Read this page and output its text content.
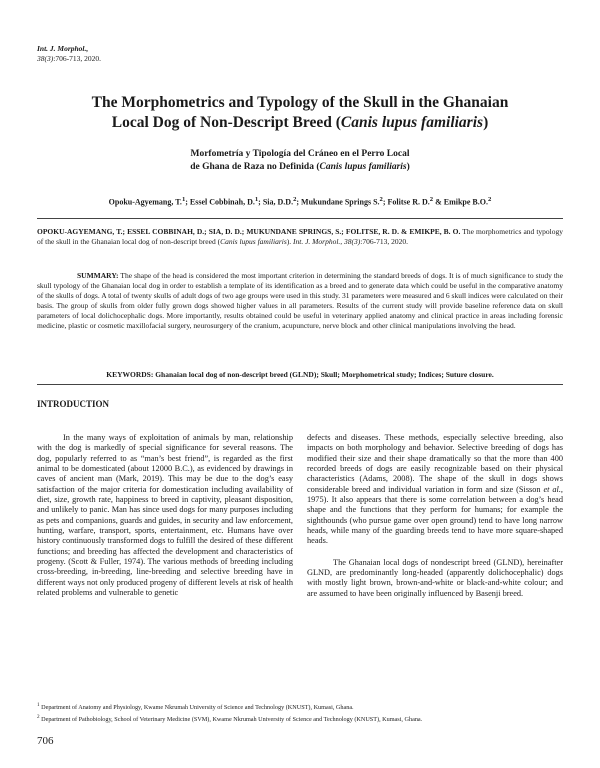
Int. J. Morphol.,
38(3):706-713, 2020.
The Morphometrics and Typology of the Skull in the Ghanaian
Local Dog of Non-Descript Breed (Canis lupus familiaris)
Morfometría y Tipología del Cráneo en el Perro Local
de Ghana de Raza no Definida (Canis lupus familiaris)
Opoku-Agyemang, T.$^1$; Essel Cobbinah, D.$^1$; Sia, D.D.$^2$; Mukundane Springs S.$^2$; Folitse R. D.$^2$ & Emikpe B.O.$^2$
OPOKU-AGYEMANG, T.; ESSEL COBBINAH, D.; SIA, D. D.; MUKUNDANE SPRINGS, S.; FOLITSE, R. D. & EMIKPE, B. O. The morphometrics and typology of the skull in the Ghanaian local dog of non-descript breed (Canis lupus familiaris). Int. J. Morphol., 38(3):706-713, 2020.
SUMMARY: The shape of the head is considered the most important criterion in determining the standard breeds of dogs. It is of much significance to study the skull typology of the Ghanaian local dog in order to establish a template of its identification as a breed and to generate data which could be useful in the comparative anatomy of the skulls of dogs. A total of twenty skulls of adult dogs of two age groups were used in this study. 31 parameters were measured and 6 skull indices were calculated on their basis. The group of skulls from older fully grown dogs showed higher values in all parameters. Results of the current study will provide baseline reference data on skull parameters of local dolichocephalic dogs. More importantly, results obtained could be useful in veterinary applied anatomy and clinical practice in areas including forensic medicine, plastic or cosmetic maxillofacial surgery, neurosurgery of the cranium, acupuncture, nerve block and other clinical manipulations involving the head.
KEYWORDS: Ghanaian local dog of non-descript breed (GLND); Skull; Morphometrical study; Indices; Suture closure.
INTRODUCTION

In the many ways of exploitation of animals by man, relationship with the dog is markedly of special significance for several reasons. The dog, popularly referred to as “man’s best friend”, is regarded as the first animal to be domesticated (about 12000 B.C.), as evidenced by drawings in caves of ancient man (Mark, 2019). This may be due to the dog’s easy satisfaction of the major criteria for domestication including availability of diet, size, growth rate, happiness to breed in captivity, pleasant disposition, and unlikely to panic. Man has since used dogs for many purposes including as pets and companions, guards and guides, in security and law enforcement, hunting, warfare, transport, sports, entertainment, etc. Humans have over history continuously transformed dogs to fulfill the desired of these different functions; and breeding has affected the development and characteristics of progeny. (Scott & Fuller, 1974). The various methods of breeding including cross-breeding, in-breeding, line-breeding and selective breeding have in different ways not only produced progeny of different levels at risk of health related problems and vulnerable to genetic

defects and diseases. These methods, especially selective breeding, also impacts on both morphology and behavior. Selective breeding of dogs has modified their size and their shape dramatically so that the more than 400 recorded breeds of dogs are easily recognizable based on their physical characteristics (Adams, 2008). The shape of the skull in dogs shows considerable breed and individual variation in form and size (Sisson et al., 1975). It also appears that there is some correlation between a dog’s head shape and the functions that they perform for humans; for example the sighthounds (who pursue game over open ground) tend to have long narrow heads, while many of the guarding breeds tend to have more square-shaped heads.

The Ghanaian local dogs of nondescript breed (GLND), hereinafter GLND, are predominantly long-headed (apparently dolichocephalic) dogs with mostly light brown, brown-and-white or black-and-white colour; and are assumed to have been originally influenced by Basenji breed.

$^1$ Department of Anatomy and Physiology, Kwame Nkrumah University of Science and Technology (KNUST), Kumasi, Ghana.
$^2$ Department of Pathobiology, School of Veterinary Medicine (SVM), Kwame Nkrumah University of Science and Technology (KNUST), Kumasi, Ghana.
706
